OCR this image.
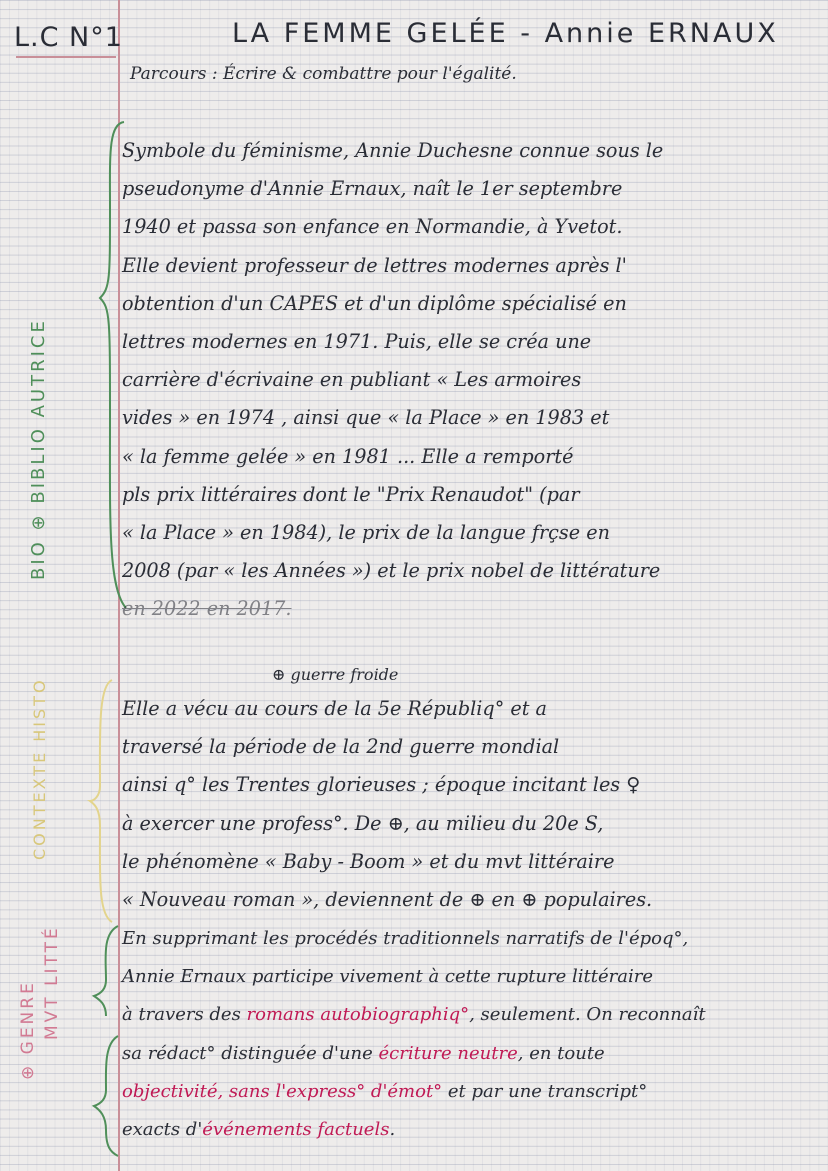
L.C N°1	LA FEMME GELÉE - Annie ERNAUX
Parcours : Écrire & combattre pour l'égalité.
BIO ⊕ BIBLIO AUTRICE

Symbole du féminisme, Annie Duchesne connue sous le

pseudonyme d'Annie Ernaux, naît le 1er septembre

1940 et passa son enfance en Normandie, à Yvetot.

Elle devient professeur de lettres modernes après l'

obtention d'un CAPES et d'un diplôme spécialisé en

lettres modernes en 1971. Puis, elle se créa une

carrière d'écrivaine en publiant « Les armoires

vides » en 1974 , ainsi que « la Place » en 1983 et

« la femme gelée » en 1981 ... Elle a remporté

pls prix littéraires dont le "Prix Renaudot" (par

« la Place » en 1984), le prix de la langue frçse en

2008 (par « les Années ») et le prix nobel de littérature

en 2022 en 2017.

CONTEXTE HISTO

⊕ guerre froide

Elle a vécu au cours de la 5e Républiq° et a

traversé la période de la 2nd guerre mondial

ainsi q° les Trentes glorieuses ; époque incitant les ♀

à exercer une profess°. De ⊕, au milieu du 20e S,

le phénomène « Baby - Boom » et du mvt littéraire

« Nouveau roman », deviennent de ⊕ en ⊕ populaires.

⊕ GENRE MVT LITTÉ	En supprimant les procédés traditionnels narratifs de l'époq°,

Annie Ernaux participe vivement à cette rupture littéraire

à travers des romans autobiographiq°, seulement. On reconnaît

sa rédact° distinguée d'une écriture neutre, en toute

objectivité, sans l'express° d'émot° et par une transcript°

exacts d'événements factuels.
